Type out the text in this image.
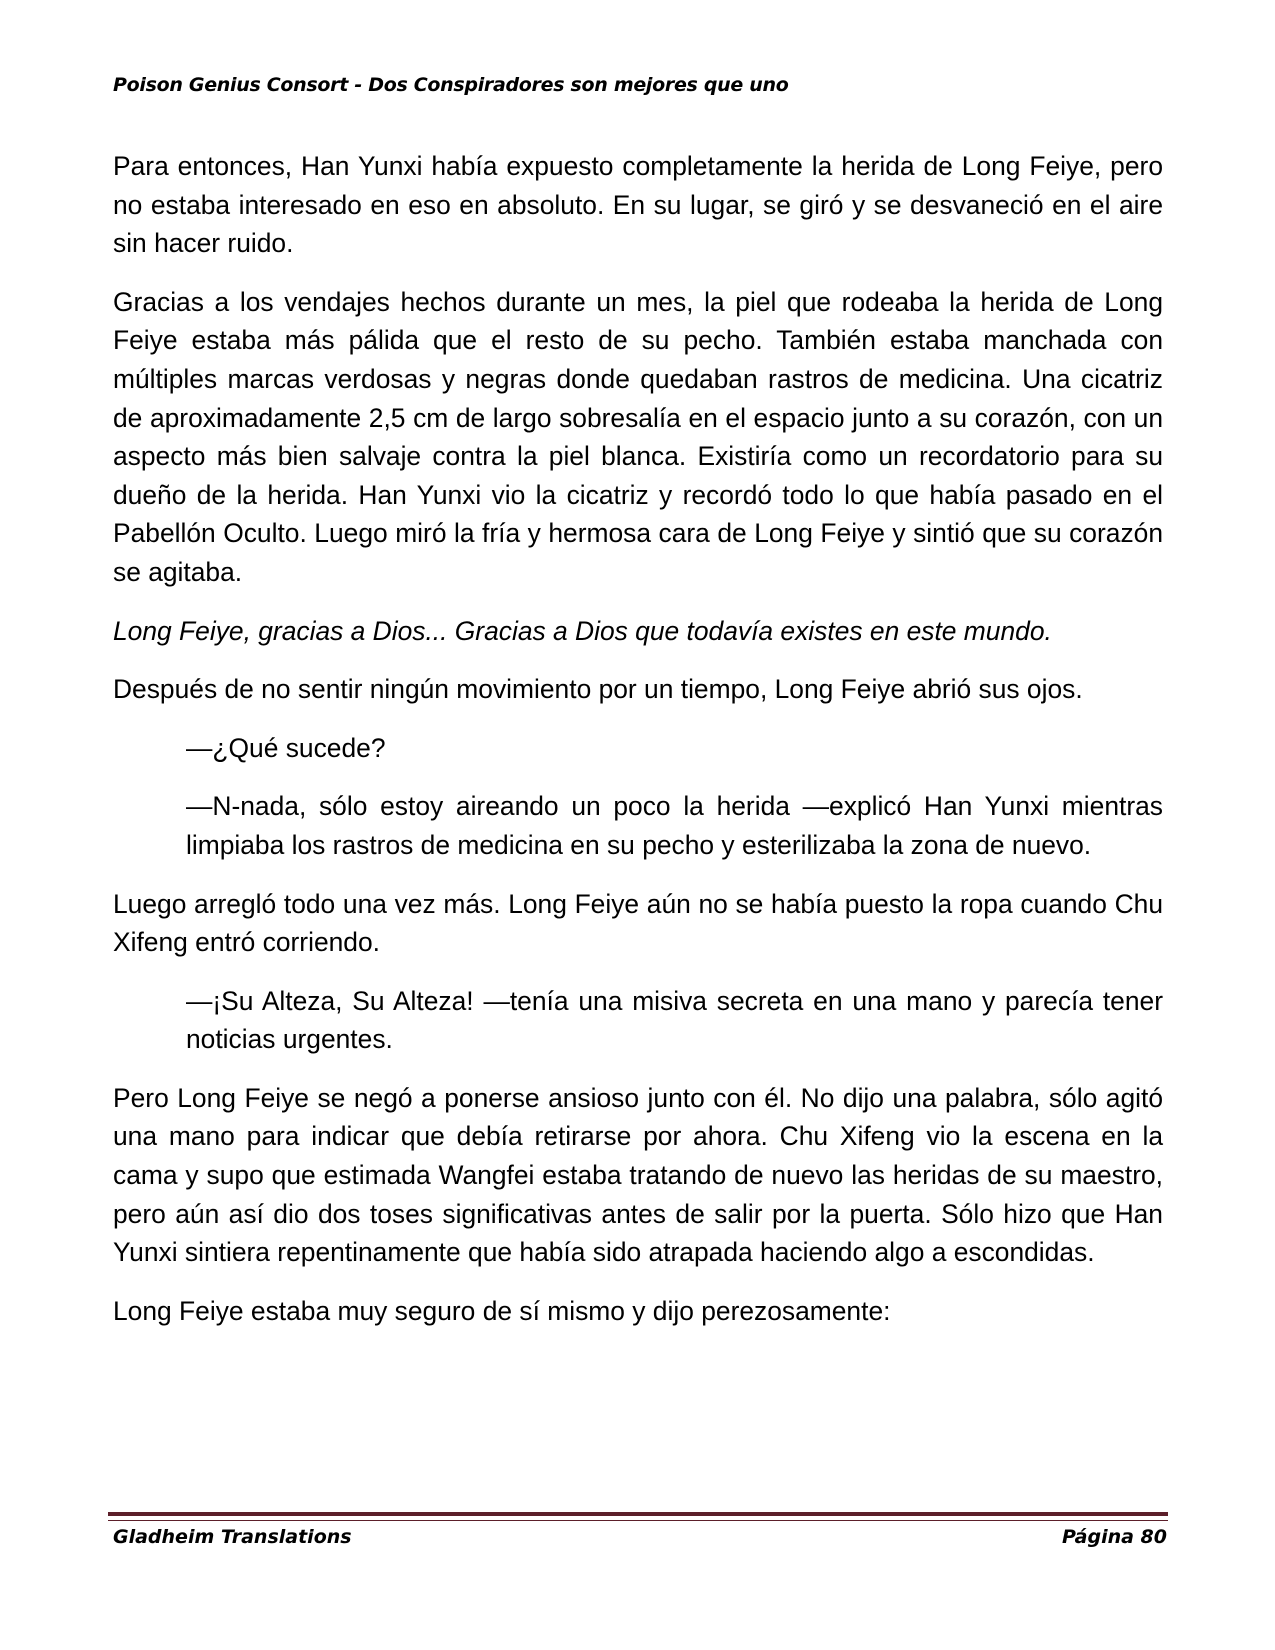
Poison Genius Consort - Dos Conspiradores son mejores que uno

Para entonces, Han Yunxi había expuesto completamente la herida de Long Feiye, pero no estaba interesado en eso en absoluto. En su lugar, se giró y se desvaneció en el aire sin hacer ruido.

Gracias a los vendajes hechos durante un mes, la piel que rodeaba la herida de Long Feiye estaba más pálida que el resto de su pecho. También estaba manchada con múltiples marcas verdosas y negras donde quedaban rastros de medicina. Una cicatriz de aproximadamente 2,5 cm de largo sobresalía en el espacio junto a su corazón, con un aspecto más bien salvaje contra la piel blanca. Existiría como un recordatorio para su dueño de la herida. Han Yunxi vio la cicatriz y recordó todo lo que había pasado en el Pabellón Oculto. Luego miró la fría y hermosa cara de Long Feiye y sintió que su corazón se agitaba.

Long Feiye, gracias a Dios... Gracias a Dios que todavía existes en este mundo.

Después de no sentir ningún movimiento por un tiempo, Long Feiye abrió sus ojos.

—¿Qué sucede?

—N-nada, sólo estoy aireando un poco la herida —explicó Han Yunxi mientras limpiaba los rastros de medicina en su pecho y esterilizaba la zona de nuevo.

Luego arregló todo una vez más. Long Feiye aún no se había puesto la ropa cuando Chu Xifeng entró corriendo.

—¡Su Alteza, Su Alteza! —tenía una misiva secreta en una mano y parecía tener noticias urgentes.

Pero Long Feiye se negó a ponerse ansioso junto con él. No dijo una palabra, sólo agitó una mano para indicar que debía retirarse por ahora. Chu Xifeng vio la escena en la cama y supo que estimada Wangfei estaba tratando de nuevo las heridas de su maestro, pero aún así dio dos toses significativas antes de salir por la puerta. Sólo hizo que Han Yunxi sintiera repentinamente que había sido atrapada haciendo algo a escondidas.

Long Feiye estaba muy seguro de sí mismo y dijo perezosamente:

Gladheim Translations	Página 80
